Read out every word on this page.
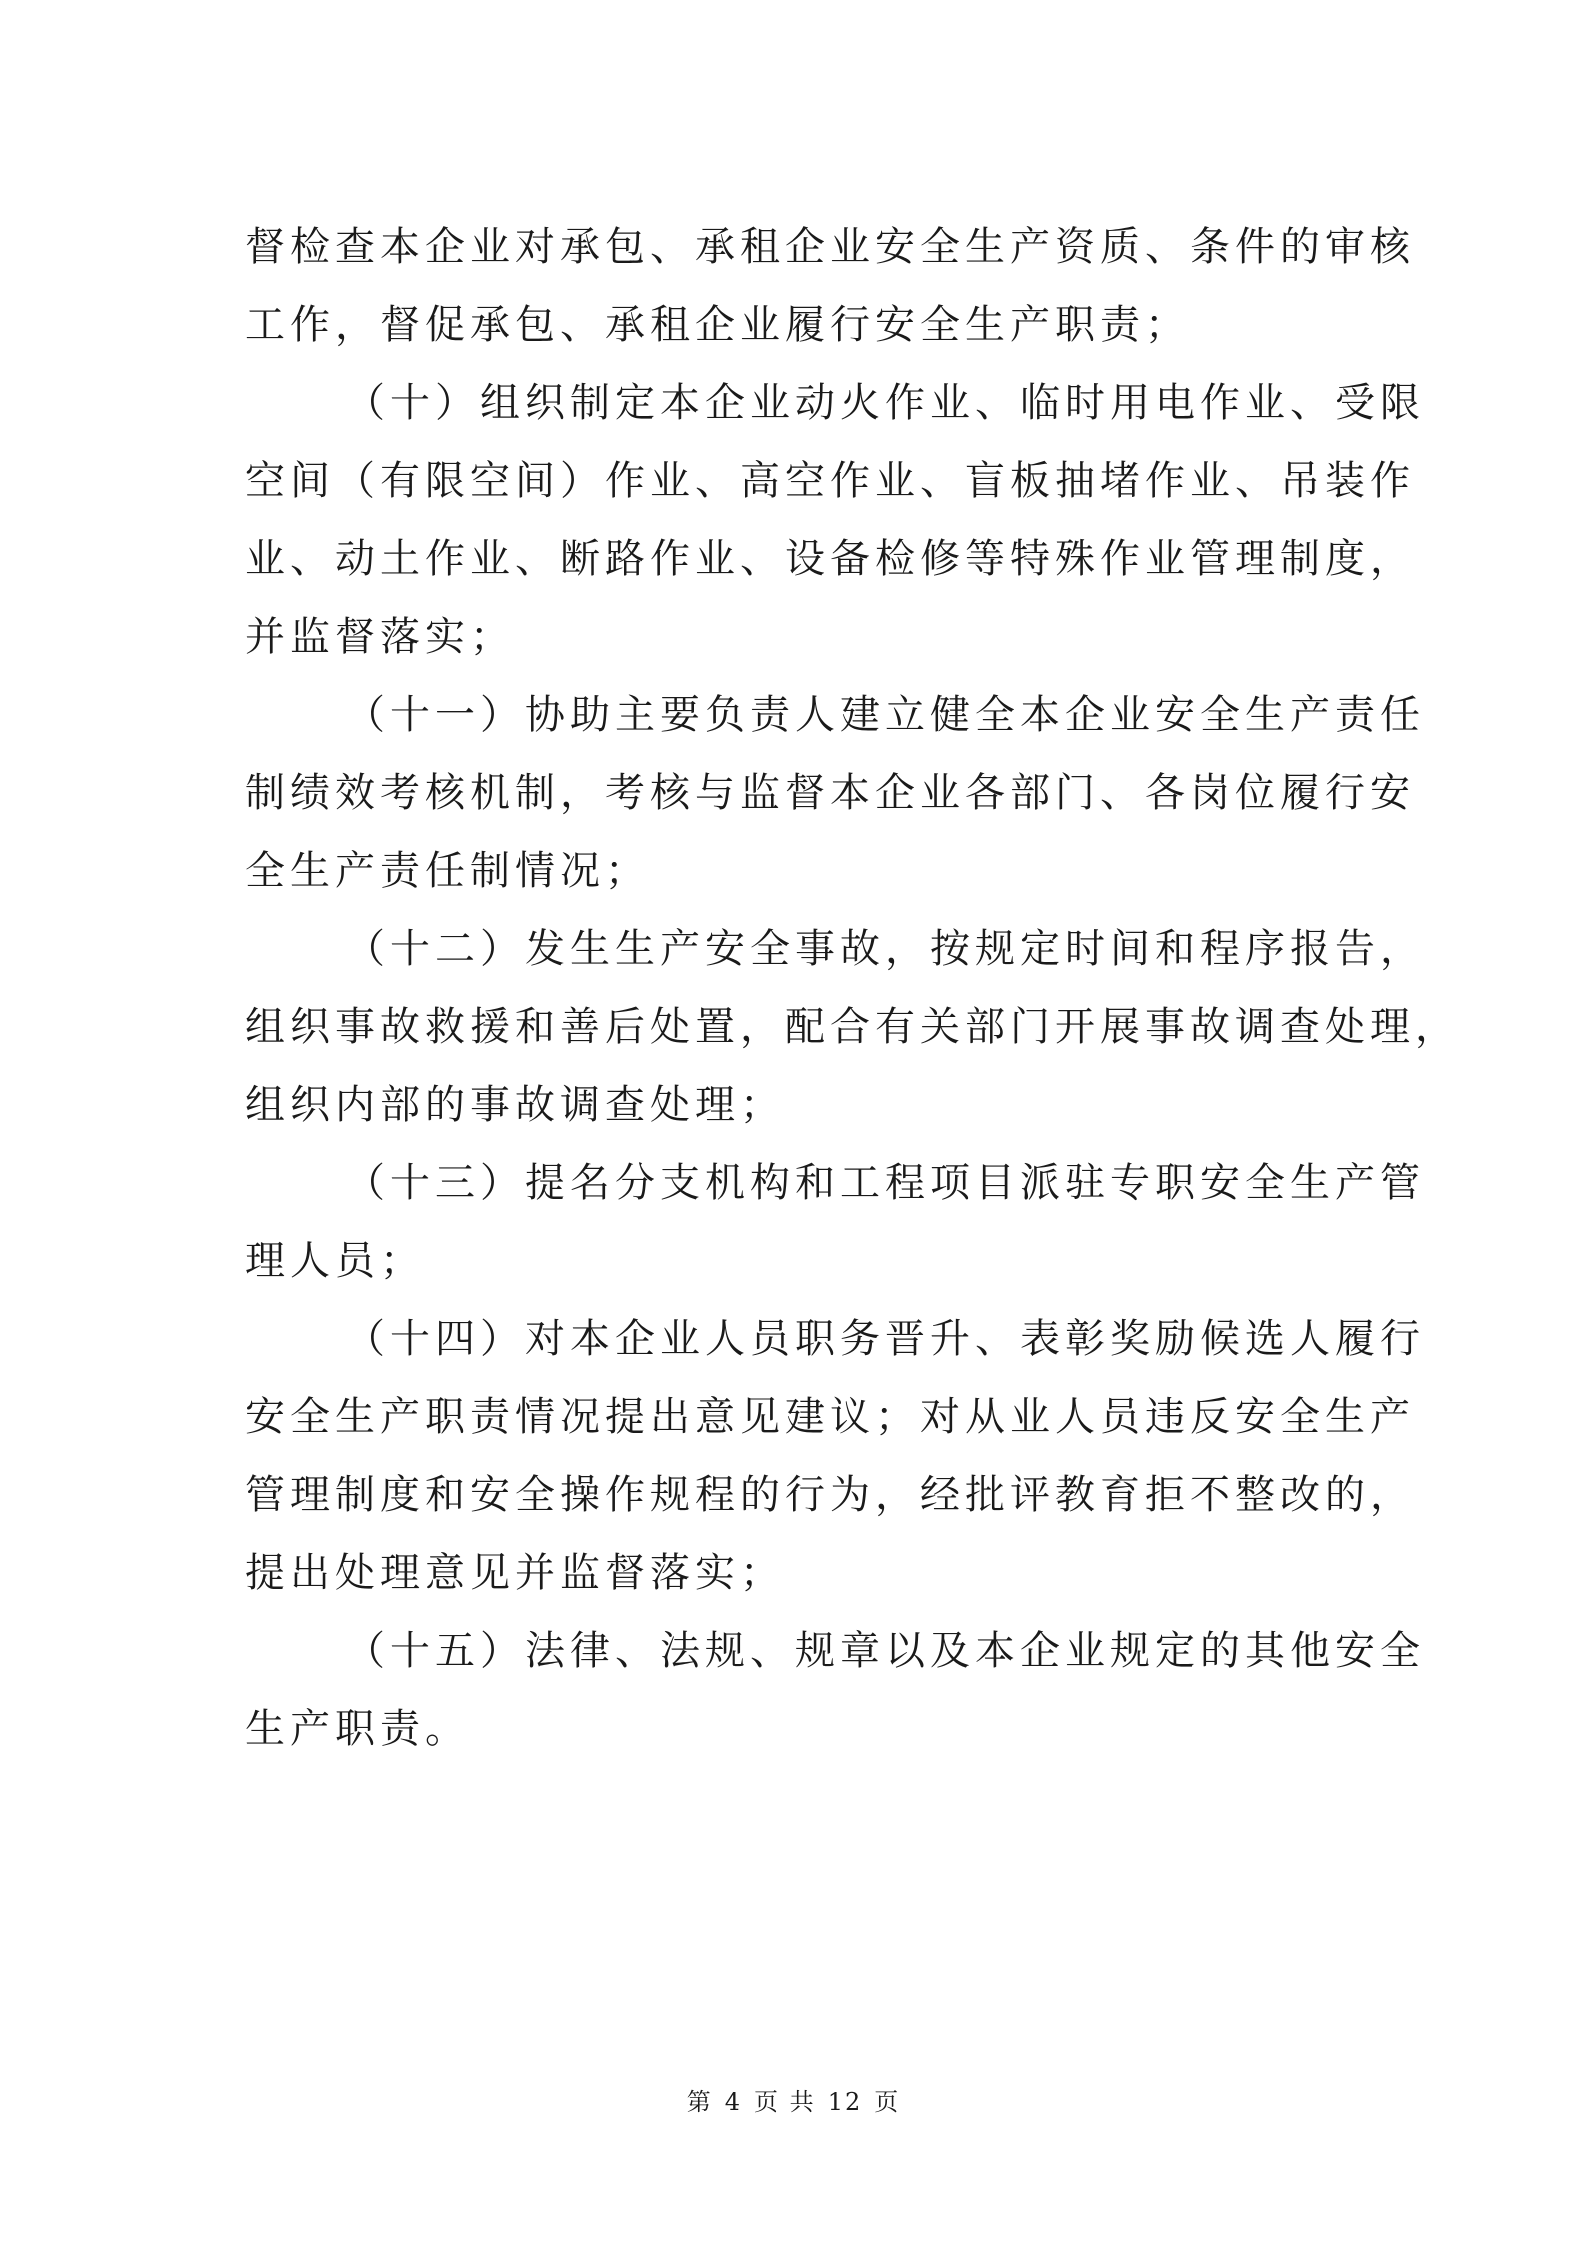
督检查本企业对承包、承租企业安全生产资质、条件的审核
工作，督促承包、承租企业履行安全生产职责；
（十）组织制定本企业动火作业、临时用电作业、受限
空间（有限空间）作业、高空作业、盲板抽堵作业、吊装作
业、动土作业、断路作业、设备检修等特殊作业管理制度，
并监督落实；
（十一）协助主要负责人建立健全本企业安全生产责任
制绩效考核机制，考核与监督本企业各部门、各岗位履行安
全生产责任制情况；
（十二）发生生产安全事故，按规定时间和程序报告，
组织事故救援和善后处置，配合有关部门开展事故调查处理，
组织内部的事故调查处理；
（十三）提名分支机构和工程项目派驻专职安全生产管
理人员；
（十四）对本企业人员职务晋升、表彰奖励候选人履行
安全生产职责情况提出意见建议；对从业人员违反安全生产
管理制度和安全操作规程的行为，经批评教育拒不整改的，
提出处理意见并监督落实；
（十五）法律、法规、规章以及本企业规定的其他安全
生产职责。
第 4 页 共 12 页
